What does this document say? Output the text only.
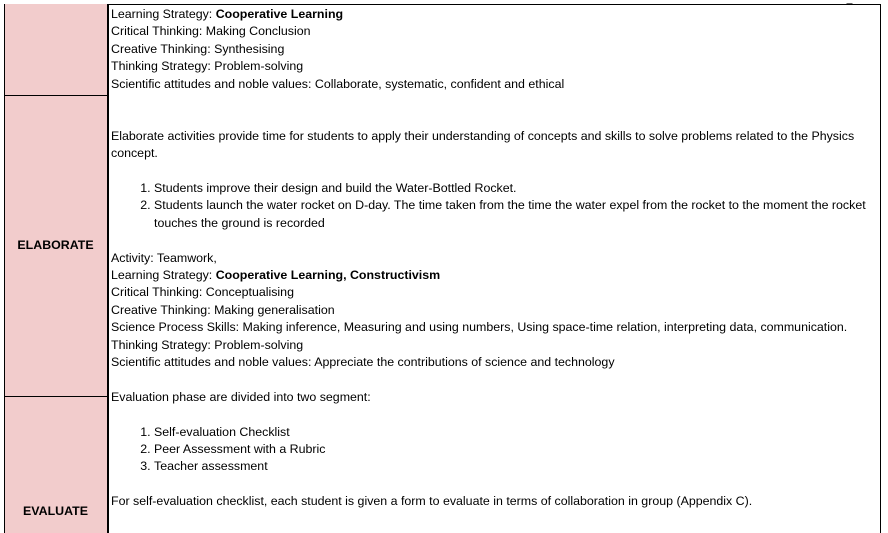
ELABORATE
EVALUATE

Learning Strategy: Cooperative Learning

Critical Thinking: Making Conclusion

Creative Thinking: Synthesising

Thinking Strategy: Problem-solving

Scientific attitudes and noble values: Collaborate, systematic, confident and ethical

Elaborate activities provide time for students to apply their understanding of concepts and skills to solve problems related to the Physics concept.

1. Students improve their design and build the Water-Bottled Rocket.
2. Students launch the water rocket on D-day. The time taken from the time the water expel from the rocket to the moment the rocket touches the ground is recorded

Activity: Teamwork,

Learning Strategy: Cooperative Learning, Constructivism

Critical Thinking: Conceptualising

Creative Thinking: Making generalisation

Science Process Skills: Making inference, Measuring and using numbers, Using space-time relation, interpreting data, communication.

Thinking Strategy: Problem-solving

Scientific attitudes and noble values: Appreciate the contributions of science and technology

Evaluation phase are divided into two segment:

1. Self-evaluation Checklist
2. Peer Assessment with a Rubric
3. Teacher assessment

For self-evaluation checklist, each student is given a form to evaluate in terms of collaboration in group (Appendix C).
